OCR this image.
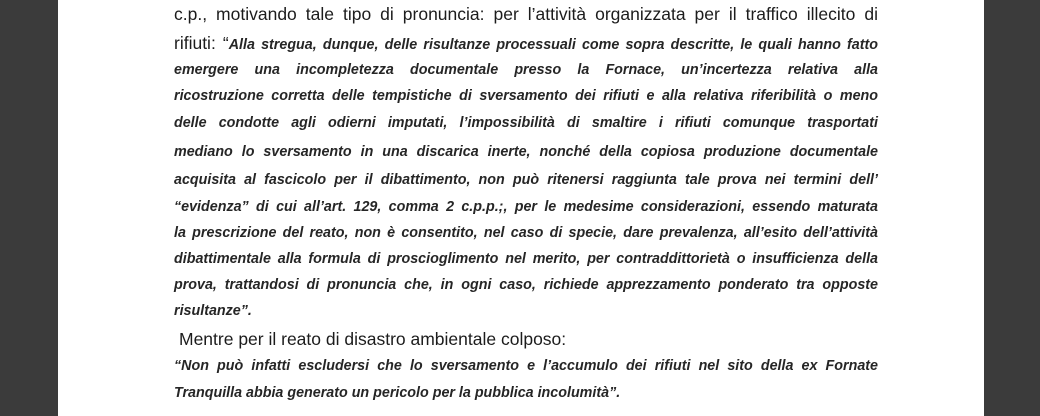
c.p., motivando tale tipo di pronuncia: per l’attività organizzata per il traffico illecito di
rifiuti: “Alla stregua, dunque, delle risultanze processuali come sopra descritte, le quali hanno fatto
emergere una incompletezza documentale presso la Fornace, un’incertezza relativa alla
ricostruzione corretta delle tempistiche di sversamento dei rifiuti e alla relativa riferibilità o meno
delle condotte agli odierni imputati, l’impossibilità di smaltire i rifiuti comunque trasportati
mediano lo sversamento in una discarica inerte, nonché della copiosa produzione documentale
acquisita al fascicolo per il dibattimento, non può ritenersi raggiunta tale prova nei termini dell’
“evidenza” di cui all’art. 129, comma 2 c.p.p.;, per le medesime considerazioni, essendo maturata
la prescrizione del reato, non è consentito, nel caso di specie, dare prevalenza, all’esito dell’attività
dibattimentale alla formula di proscioglimento nel merito, per contraddittorietà o insufficienza della
prova, trattandosi di pronuncia che, in ogni caso, richiede apprezzamento ponderato tra opposte
risultanze”.
Mentre per il reato di disastro ambientale colposo:
“Non può infatti escludersi che lo sversamento e l’accumulo dei rifiuti nel sito della ex Fornate
Tranquilla abbia generato un pericolo per la pubblica incolumità”.
